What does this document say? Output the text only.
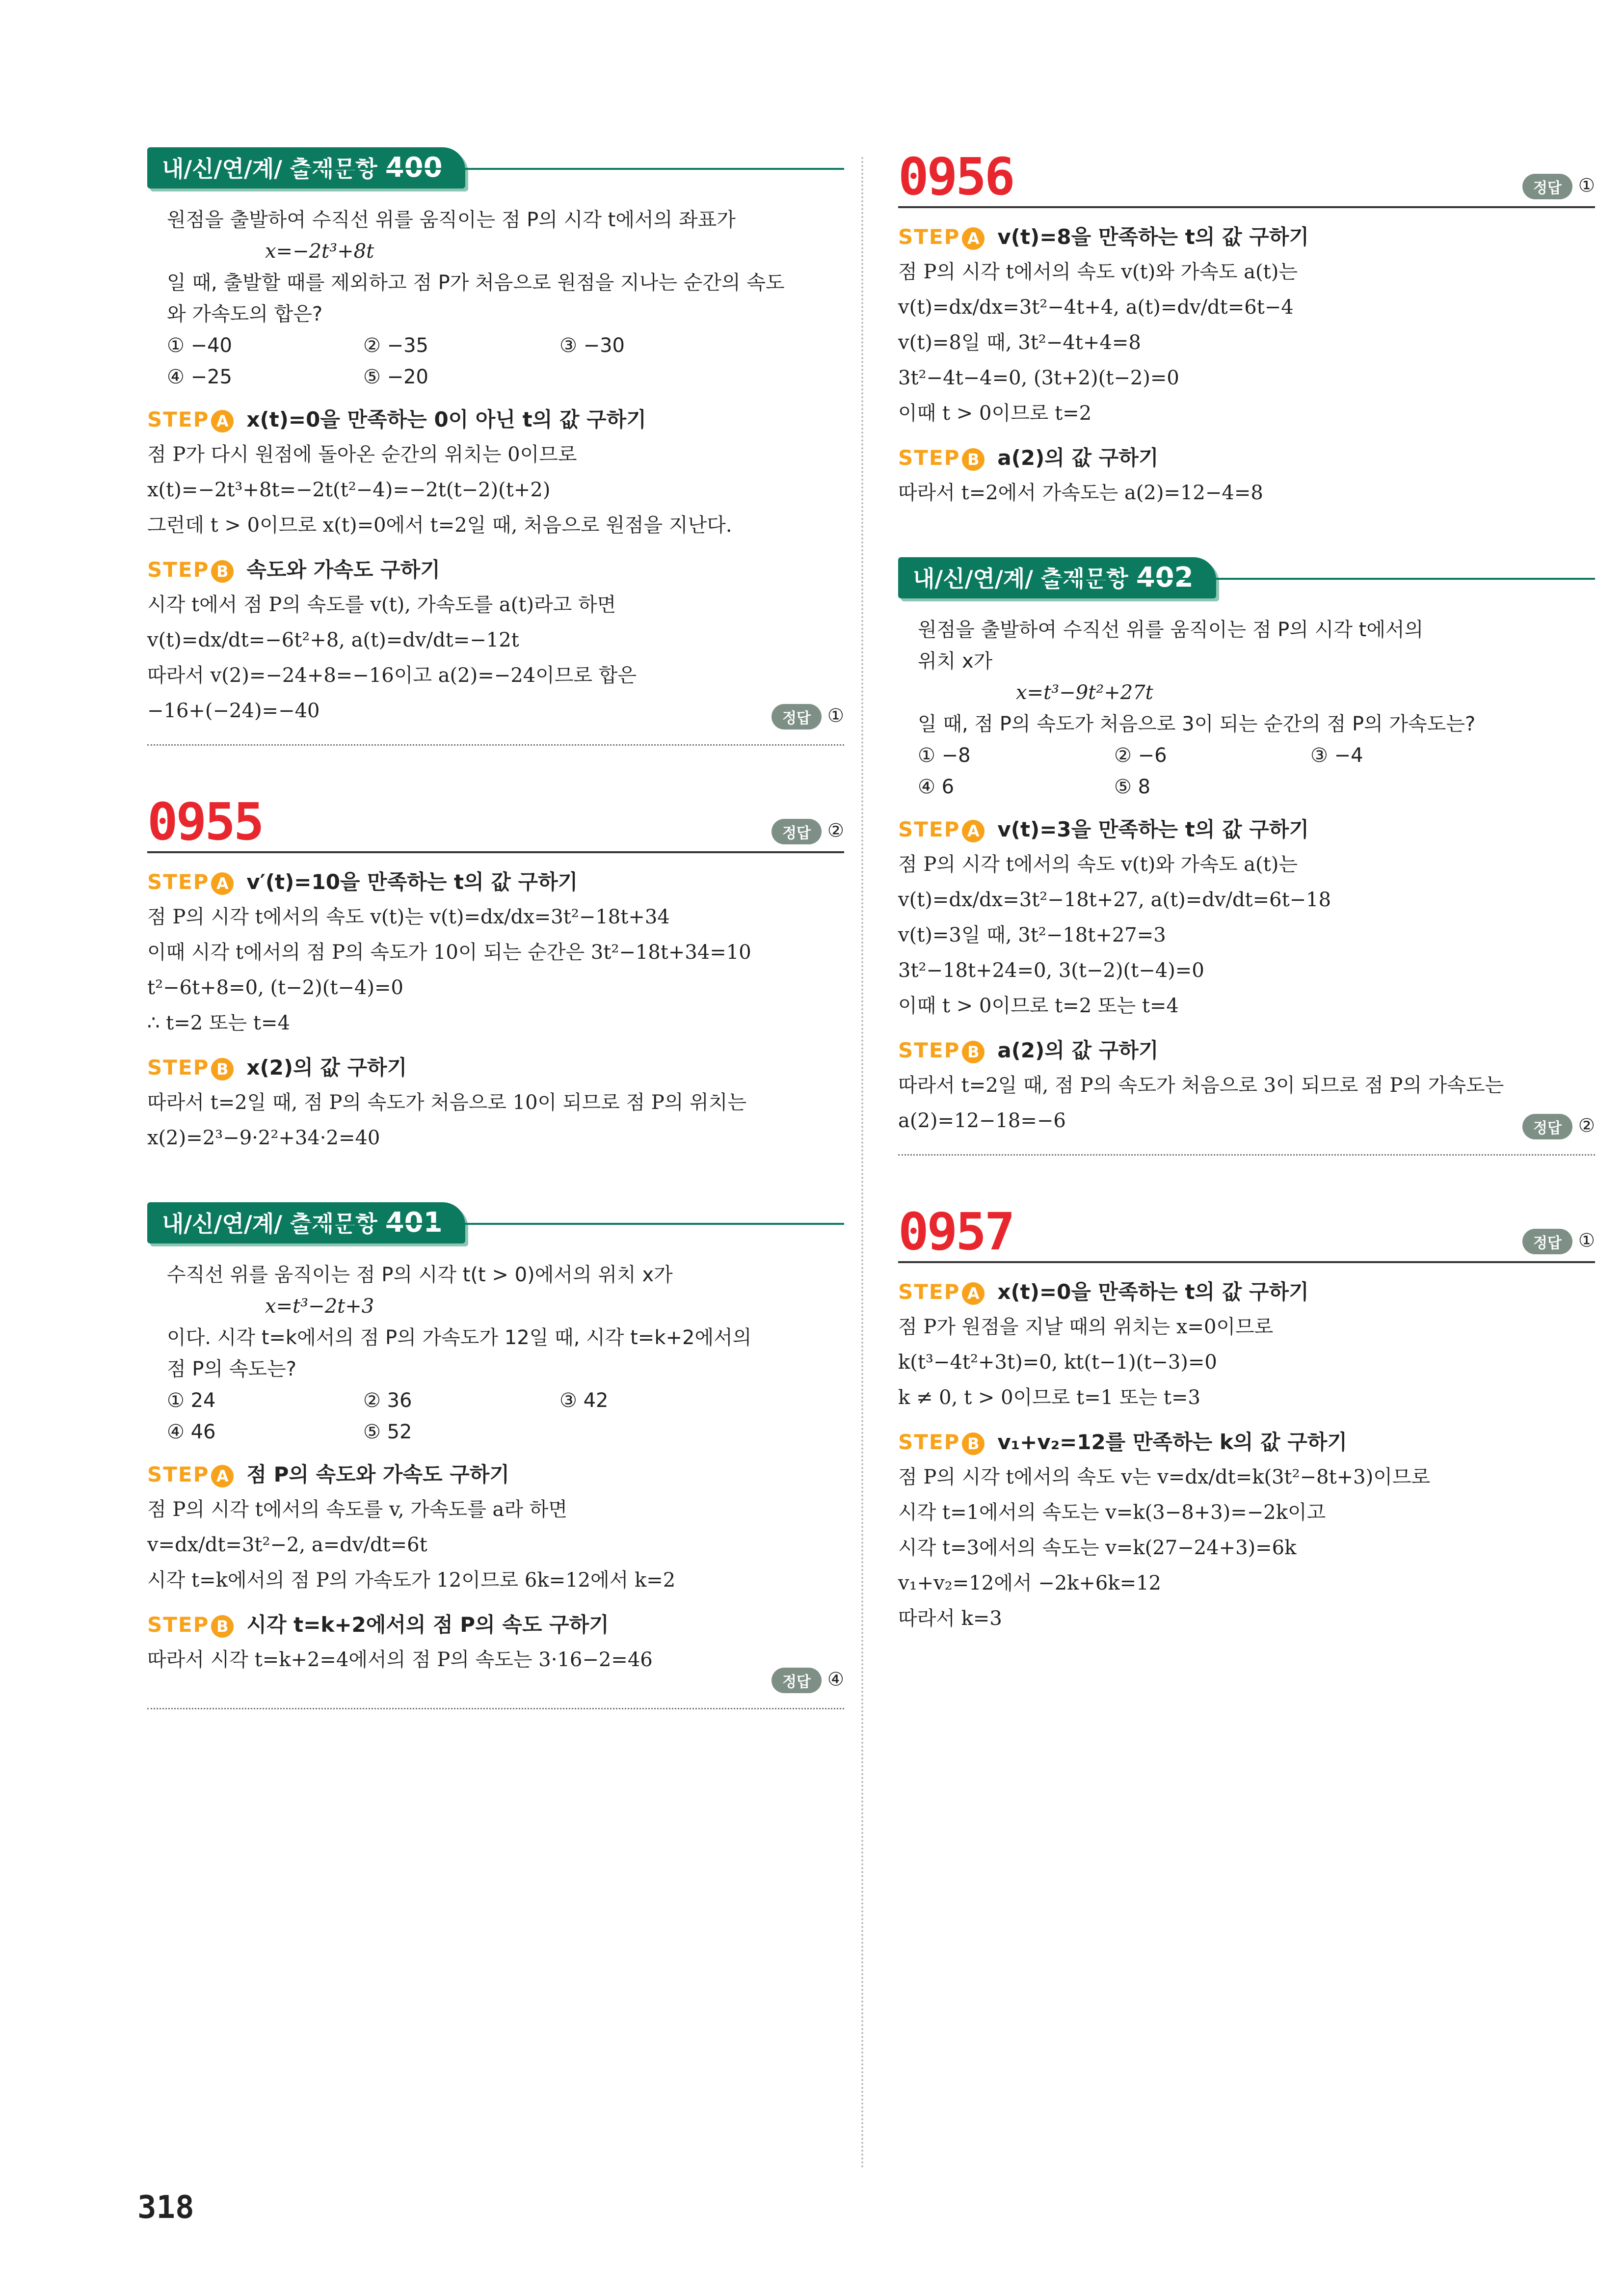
내/신/연/계/ 출제문항 400
원점을 출발하여 수직선 위를 움직이는 점 P의 시각 t에서의 좌표가
x=−2t³+8t
일 때, 출발할 때를 제외하고 점 P가 처음으로 원점을 지나는 순간의 속도
와 가속도의 합은?
① −40	② −35	③ −30
④ −25	⑤ −20
STEP A x(t)=0을 만족하는 0이 아닌 t의 값 구하기
점 P가 다시 원점에 돌아온 순간의 위치는 0이므로
x(t)=−2t³+8t=−2t(t²−4)=−2t(t−2)(t+2)
그런데 t > 0이므로 x(t)=0에서 t=2일 때, 처음으로 원점을 지난다.
STEP B 속도와 가속도 구하기
시각 t에서 점 P의 속도를 v(t), 가속도를 a(t)라고 하면
v(t)=dx/dt=−6t²+8, a(t)=dv/dt=−12t
따라서 v(2)=−24+8=−16이고 a(2)=−24이므로 합은
−16+(−24)=−40	정답 ①
0955	정답 ②
STEP A v′(t)=10을 만족하는 t의 값 구하기
점 P의 시각 t에서의 속도 v(t)는 v(t)=dx/dx=3t²−18t+34
이때 시각 t에서의 점 P의 속도가 10이 되는 순간은 3t²−18t+34=10
t²−6t+8=0, (t−2)(t−4)=0
∴ t=2 또는 t=4
STEP B x(2)의 값 구하기
따라서 t=2일 때, 점 P의 속도가 처음으로 10이 되므로 점 P의 위치는
x(2)=2³−9·2²+34·2=40
내/신/연/계/ 출제문항 401
수직선 위를 움직이는 점 P의 시각 t(t > 0)에서의 위치 x가
x=t³−2t+3
이다. 시각 t=k에서의 점 P의 가속도가 12일 때, 시각 t=k+2에서의
점 P의 속도는?
① 24	② 36	③ 42
④ 46	⑤ 52
STEP A 점 P의 속도와 가속도 구하기
점 P의 시각 t에서의 속도를 v, 가속도를 a라 하면
v=dx/dt=3t²−2, a=dv/dt=6t
시각 t=k에서의 점 P의 가속도가 12이므로 6k=12에서 k=2
STEP B 시각 t=k+2에서의 점 P의 속도 구하기
따라서 시각 t=k+2=4에서의 점 P의 속도는 3·16−2=46
정답 ④
0956	정답 ①
STEP A v(t)=8을 만족하는 t의 값 구하기
점 P의 시각 t에서의 속도 v(t)와 가속도 a(t)는
v(t)=dx/dx=3t²−4t+4, a(t)=dv/dt=6t−4
v(t)=8일 때, 3t²−4t+4=8
3t²−4t−4=0, (3t+2)(t−2)=0
이때 t > 0이므로 t=2
STEP B a(2)의 값 구하기
따라서 t=2에서 가속도는 a(2)=12−4=8
내/신/연/계/ 출제문항 402
원점을 출발하여 수직선 위를 움직이는 점 P의 시각 t에서의
위치 x가
x=t³−9t²+27t
일 때, 점 P의 속도가 처음으로 3이 되는 순간의 점 P의 가속도는?
① −8	② −6	③ −4
④ 6	⑤ 8
STEP A v(t)=3을 만족하는 t의 값 구하기
점 P의 시각 t에서의 속도 v(t)와 가속도 a(t)는
v(t)=dx/dx=3t²−18t+27, a(t)=dv/dt=6t−18
v(t)=3일 때, 3t²−18t+27=3
3t²−18t+24=0, 3(t−2)(t−4)=0
이때 t > 0이므로 t=2 또는 t=4
STEP B a(2)의 값 구하기
따라서 t=2일 때, 점 P의 속도가 처음으로 3이 되므로 점 P의 가속도는
a(2)=12−18=−6	정답 ②
0957	정답 ①
STEP A x(t)=0을 만족하는 t의 값 구하기
점 P가 원점을 지날 때의 위치는 x=0이므로
k(t³−4t²+3t)=0, kt(t−1)(t−3)=0
k ≠ 0, t > 0이므로 t=1 또는 t=3
STEP B v₁+v₂=12를 만족하는 k의 값 구하기
점 P의 시각 t에서의 속도 v는 v=dx/dt=k(3t²−8t+3)이므로
시각 t=1에서의 속도는 v=k(3−8+3)=−2k이고
시각 t=3에서의 속도는 v=k(27−24+3)=6k
v₁+v₂=12에서 −2k+6k=12
따라서 k=3
318
